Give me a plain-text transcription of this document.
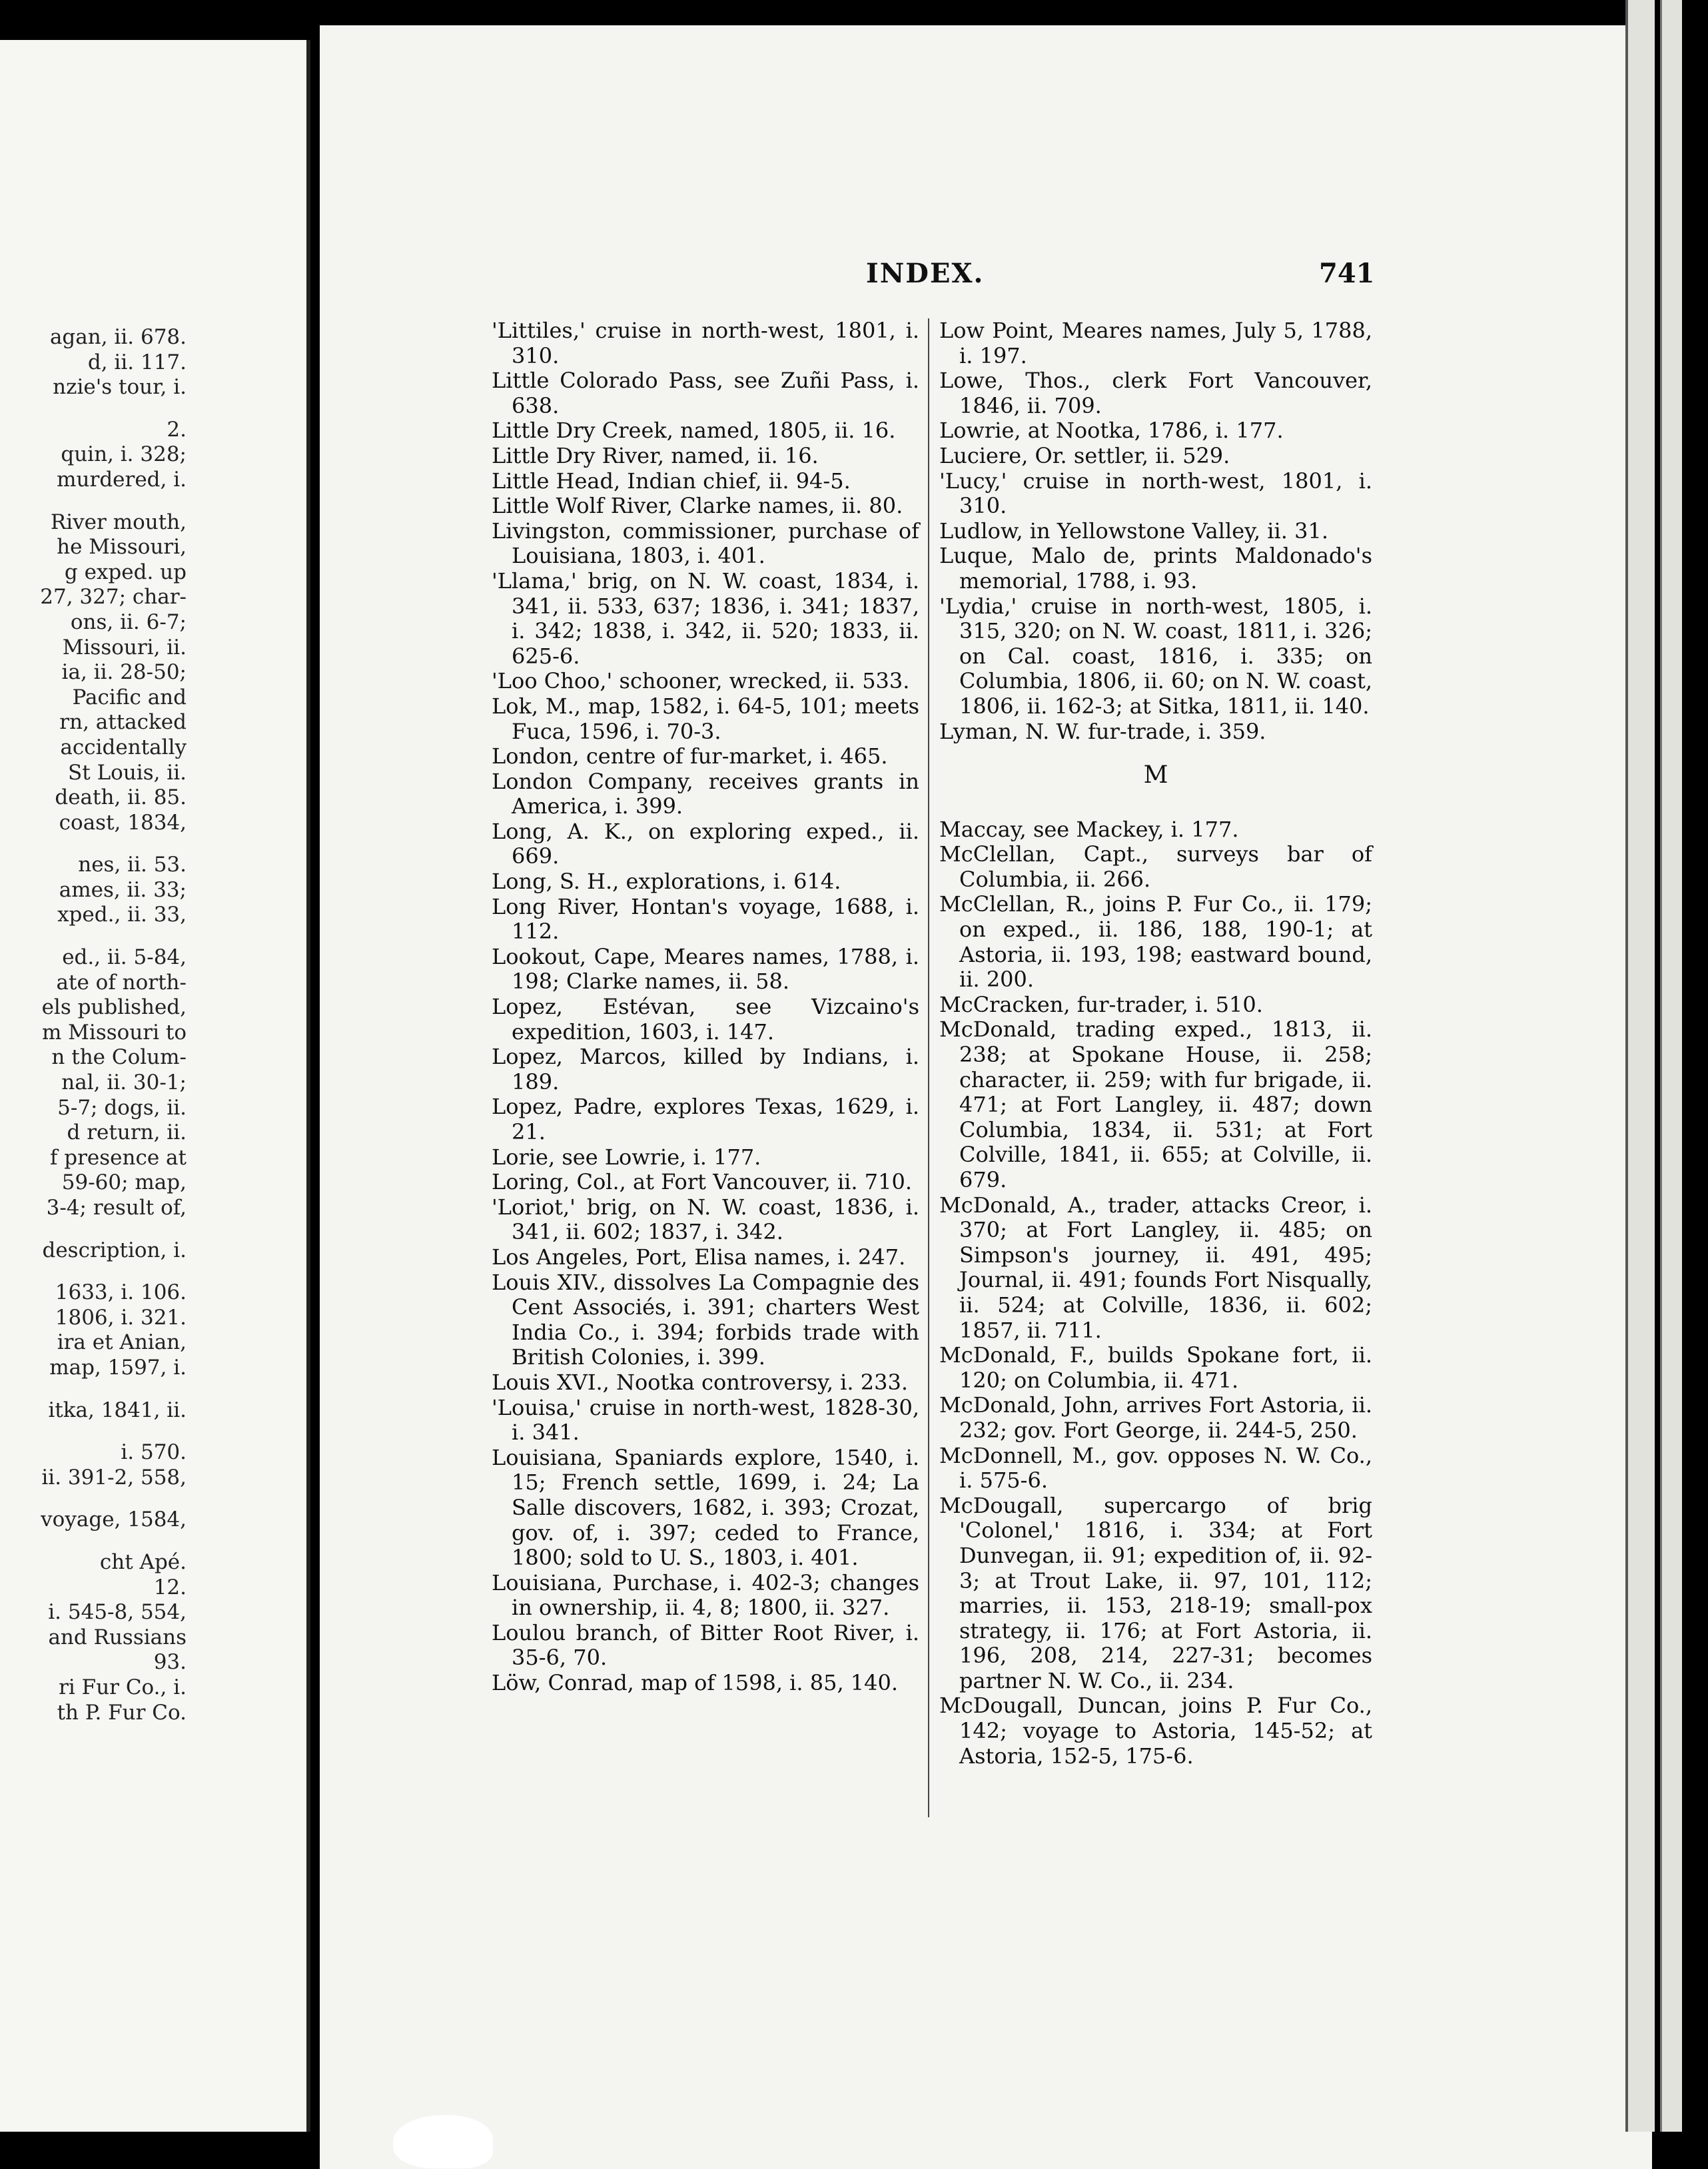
agan, ii. 678.
d, ii. 117.
nzie's tour, i.
2.
quin, i. 328;
murdered, i.
River mouth,
he Missouri,
g exped. up
27, 327; char-
ons, ii. 6-7;
Missouri, ii.
ia, ii. 28-50;
Pacific and
rn, attacked
accidentally
St Louis, ii.
death, ii. 85.
coast, 1834,
nes, ii. 53.
ames, ii. 33;
xped., ii. 33,
ed., ii. 5-84,
ate of north-
els published,
m Missouri to
n the Colum-
nal, ii. 30-1;
5-7; dogs, ii.
d return, ii.
f presence at
59-60; map,
3-4; result of,
description, i.
1633, i. 106.
1806, i. 321.
ira et Anian,
map, 1597, i.
itka, 1841, ii.
i. 570.
ii. 391-2, 558,
voyage, 1584,
cht Apé.
12.
i. 545-8, 554,
and Russians
93.
ri Fur Co., i.
th P. Fur Co.
INDEX.	741
'Littiles,' cruise in north-west, 1801, i. 310.
Little Colorado Pass, see Zuñi Pass, i. 638.
Little Dry Creek, named, 1805, ii. 16.
Little Dry River, named, ii. 16.
Little Head, Indian chief, ii. 94-5.
Little Wolf River, Clarke names, ii. 80.
Livingston, commissioner, purchase of Louisiana, 1803, i. 401.
'Llama,' brig, on N. W. coast, 1834, i. 341, ii. 533, 637; 1836, i. 341; 1837, i. 342; 1838, i. 342, ii. 520; 1833, ii. 625-6.
'Loo Choo,' schooner, wrecked, ii. 533.
Lok, M., map, 1582, i. 64-5, 101; meets Fuca, 1596, i. 70-3.
London, centre of fur-market, i. 465.
London Company, receives grants in America, i. 399.
Long, A. K., on exploring exped., ii. 669.
Long, S. H., explorations, i. 614.
Long River, Hontan's voyage, 1688, i. 112.
Lookout, Cape, Meares names, 1788, i. 198; Clarke names, ii. 58.
Lopez, Estévan, see Vizcaino's expedition, 1603, i. 147.
Lopez, Marcos, killed by Indians, i. 189.
Lopez, Padre, explores Texas, 1629, i. 21.
Lorie, see Lowrie, i. 177.
Loring, Col., at Fort Vancouver, ii. 710.
'Loriot,' brig, on N. W. coast, 1836, i. 341, ii. 602; 1837, i. 342.
Los Angeles, Port, Elisa names, i. 247.
Louis XIV., dissolves La Compagnie des Cent Associés, i. 391; charters West India Co., i. 394; forbids trade with British Colonies, i. 399.
Louis XVI., Nootka controversy, i. 233.
'Louisa,' cruise in north-west, 1828-30, i. 341.
Louisiana, Spaniards explore, 1540, i. 15; French settle, 1699, i. 24; La Salle discovers, 1682, i. 393; Crozat, gov. of, i. 397; ceded to France, 1800; sold to U. S., 1803, i. 401.
Louisiana, Purchase, i. 402-3; changes in ownership, ii. 4, 8; 1800, ii. 327.
Loulou branch, of Bitter Root River, i. 35-6, 70.
Löw, Conrad, map of 1598, i. 85, 140.
Low Point, Meares names, July 5, 1788, i. 197.
Lowe, Thos., clerk Fort Vancouver, 1846, ii. 709.
Lowrie, at Nootka, 1786, i. 177.
Luciere, Or. settler, ii. 529.
'Lucy,' cruise in north-west, 1801, i. 310.
Ludlow, in Yellowstone Valley, ii. 31.
Luque, Malo de, prints Maldonado's memorial, 1788, i. 93.
'Lydia,' cruise in north-west, 1805, i. 315, 320; on N. W. coast, 1811, i. 326; on Cal. coast, 1816, i. 335; on Columbia, 1806, ii. 60; on N. W. coast, 1806, ii. 162-3; at Sitka, 1811, ii. 140.
Lyman, N. W. fur-trade, i. 359.
M
Maccay, see Mackey, i. 177.
McClellan, Capt., surveys bar of Columbia, ii. 266.
McClellan, R., joins P. Fur Co., ii. 179; on exped., ii. 186, 188, 190-1; at Astoria, ii. 193, 198; eastward bound, ii. 200.
McCracken, fur-trader, i. 510.
McDonald, trading exped., 1813, ii. 238; at Spokane House, ii. 258; character, ii. 259; with fur brigade, ii. 471; at Fort Langley, ii. 487; down Columbia, 1834, ii. 531; at Fort Colville, 1841, ii. 655; at Colville, ii. 679.
McDonald, A., trader, attacks Creor, i. 370; at Fort Langley, ii. 485; on Simpson's journey, ii. 491, 495; Journal, ii. 491; founds Fort Nisqually, ii. 524; at Colville, 1836, ii. 602; 1857, ii. 711.
McDonald, F., builds Spokane fort, ii. 120; on Columbia, ii. 471.
McDonald, John, arrives Fort Astoria, ii. 232; gov. Fort George, ii. 244-5, 250.
McDonnell, M., gov. opposes N. W. Co., i. 575-6.
McDougall, supercargo of brig 'Colonel,' 1816, i. 334; at Fort Dunvegan, ii. 91; expedition of, ii. 92-3; at Trout Lake, ii. 97, 101, 112; marries, ii. 153, 218-19; small-pox strategy, ii. 176; at Fort Astoria, ii. 196, 208, 214, 227-31; becomes partner N. W. Co., ii. 234.
McDougall, Duncan, joins P. Fur Co., 142; voyage to Astoria, 145-52; at Astoria, 152-5, 175-6.
